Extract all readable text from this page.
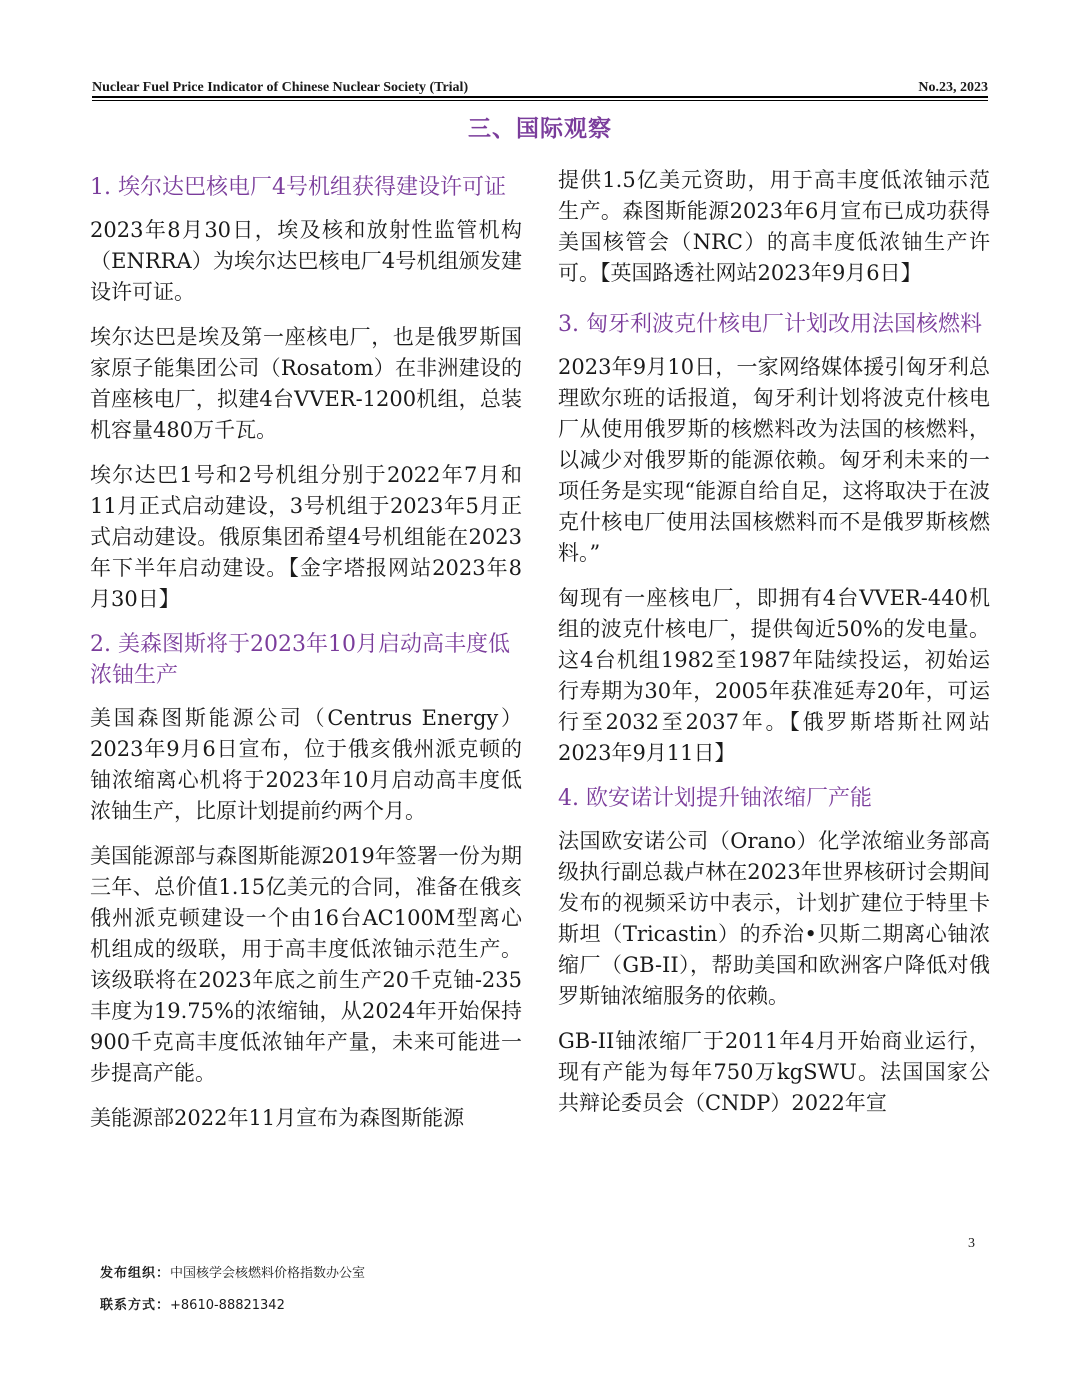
Nuclear Fuel Price Indicator of Chinese Nuclear Society (Trial)	No.23, 2023
三、国际观察
1. 埃尔达巴核电厂4号机组获得建设许可证

2023年8月30日，埃及核和放射性监管机构（ENRRA）为埃尔达巴核电厂4号机组颁发建设许可证。

埃尔达巴是埃及第一座核电厂，也是俄罗斯国家原子能集团公司（Rosatom）在非洲建设的首座核电厂，拟建4台VVER-1200机组，总装机容量480万千瓦。

埃尔达巴1号和2号机组分别于2022年7月和11月正式启动建设，3号机组于2023年5月正式启动建设。俄原集团希望4号机组能在2023年下半年启动建设。【金字塔报网站2023年8月30日】

2. 美森图斯将于2023年10月启动高丰度低浓铀生产

美国森图斯能源公司（Centrus Energy）2023年9月6日宣布，位于俄亥俄州派克顿的铀浓缩离心机将于2023年10月启动高丰度低浓铀生产，比原计划提前约两个月。

美国能源部与森图斯能源2019年签署一份为期三年、总价值1.15亿美元的合同，准备在俄亥俄州派克顿建设一个由16台AC100M型离心机组成的级联，用于高丰度低浓铀示范生产。该级联将在2023年底之前生产20千克铀-235丰度为19.75%的浓缩铀，从2024年开始保持900千克高丰度低浓铀年产量，未来可能进一步提高产能。

美能源部2022年11月宣布为森图斯能源

提供1.5亿美元资助，用于高丰度低浓铀示范生产。森图斯能源2023年6月宣布已成功获得美国核管会（NRC）的高丰度低浓铀生产许可。【英国路透社网站2023年9月6日】

3. 匈牙利波克什核电厂计划改用法国核燃料

2023年9月10日，一家网络媒体援引匈牙利总理欧尔班的话报道，匈牙利计划将波克什核电厂从使用俄罗斯的核燃料改为法国的核燃料，以减少对俄罗斯的能源依赖。匈牙利未来的一项任务是实现“能源自给自足，这将取决于在波克什核电厂使用法国核燃料而不是俄罗斯核燃料。”

匈现有一座核电厂，即拥有4台VVER-440机组的波克什核电厂，提供匈近50%的发电量。这4台机组1982至1987年陆续投运，初始运行寿期为30年，2005年获准延寿20年，可运行至2032至2037年。【俄罗斯塔斯社网站2023年9月11日】

4. 欧安诺计划提升铀浓缩厂产能

法国欧安诺公司（Orano）化学浓缩业务部高级执行副总裁卢林在2023年世界核研讨会期间发布的视频采访中表示，计划扩建位于特里卡斯坦（Tricastin）的乔治•贝斯二期离心铀浓缩厂（GB-II），帮助美国和欧洲客户降低对俄罗斯铀浓缩服务的依赖。

GB-II铀浓缩厂于2011年4月开始商业运行，现有产能为每年750万kgSWU。法国国家公共辩论委员会（CNDP）2022年宣

3
发布组织：中国核学会核燃料价格指数办公室
联系方式：+8610-88821342
